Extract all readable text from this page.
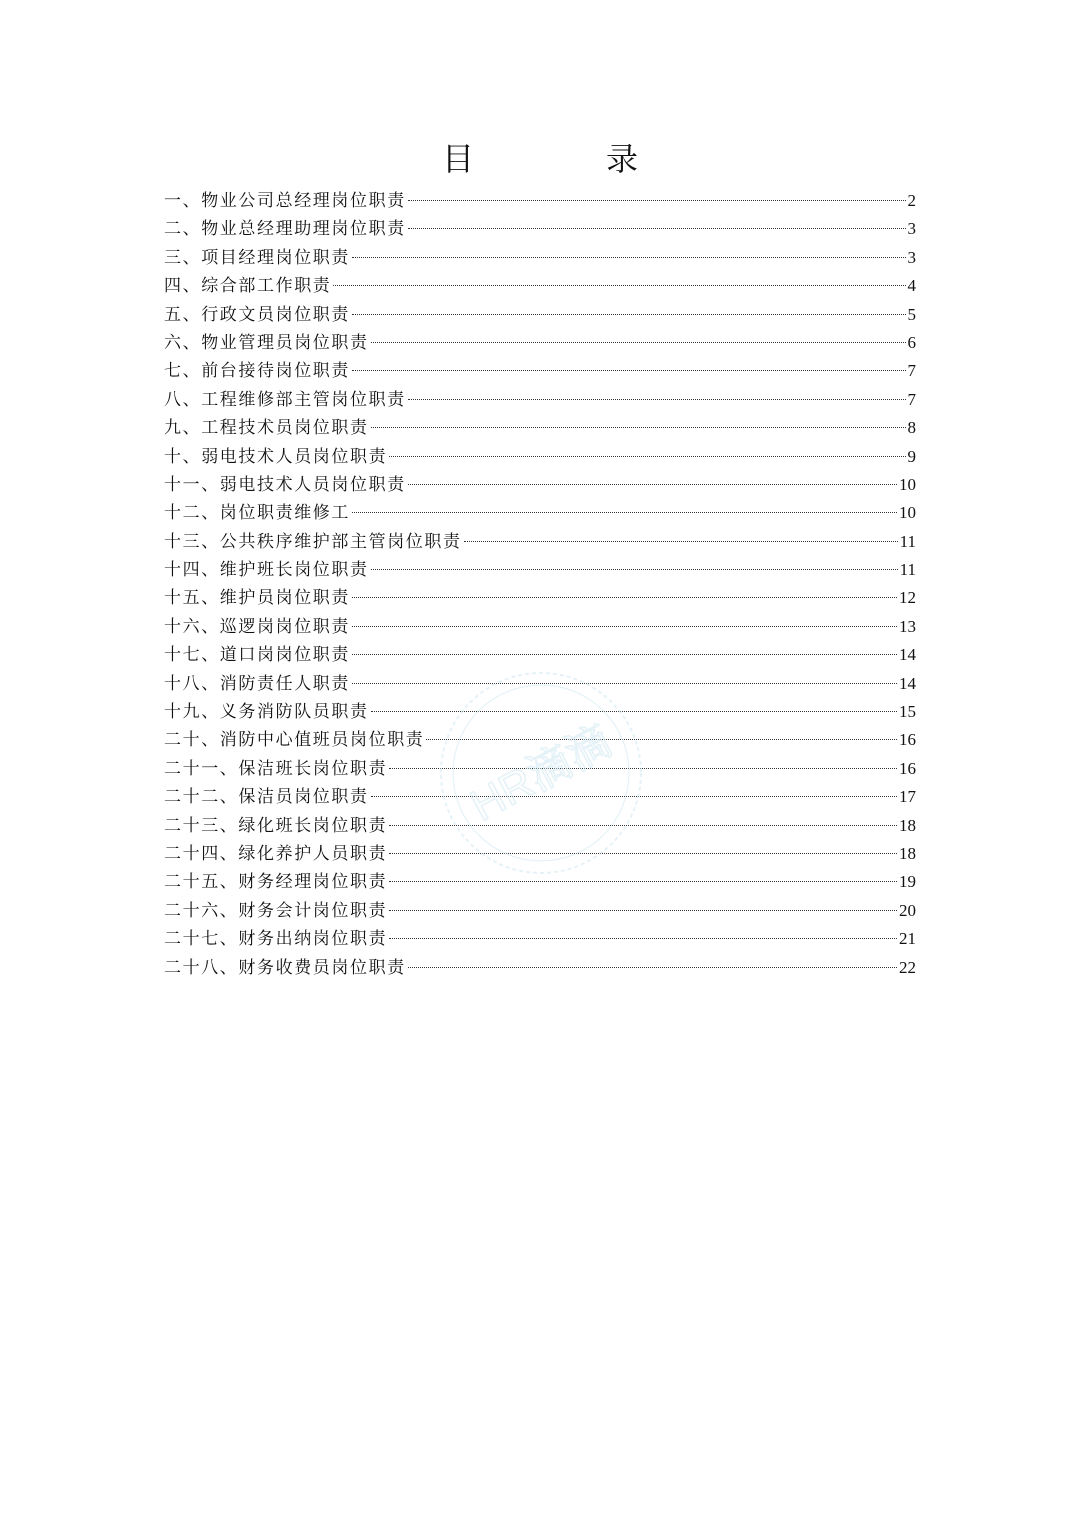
目　录
一、物业公司总经理岗位职责	2
二、物业总经理助理岗位职责	3
三、项目经理岗位职责	3
四、综合部工作职责	4
五、行政文员岗位职责	5
六、物业管理员岗位职责	6
七、前台接待岗位职责	7
八、工程维修部主管岗位职责	7
九、工程技术员岗位职责	8
十、弱电技术人员岗位职责	9
十一、弱电技术人员岗位职责	10
十二、岗位职责维修工	10
十三、公共秩序维护部主管岗位职责	11
十四、维护班长岗位职责	11
十五、维护员岗位职责	12
十六、巡逻岗岗位职责	13
十七、道口岗岗位职责	14
十八、消防责任人职责	14
十九、义务消防队员职责	15
二十、消防中心值班员岗位职责	16
二十一、保洁班长岗位职责	16
二十二、保洁员岗位职责	17
二十三、绿化班长岗位职责	18
二十四、绿化养护人员职责	18
二十五、财务经理岗位职责	19
二十六、财务会计岗位职责	20
二十七、财务出纳岗位职责	21
二十八、财务收费员岗位职责	22
HR滴滴
